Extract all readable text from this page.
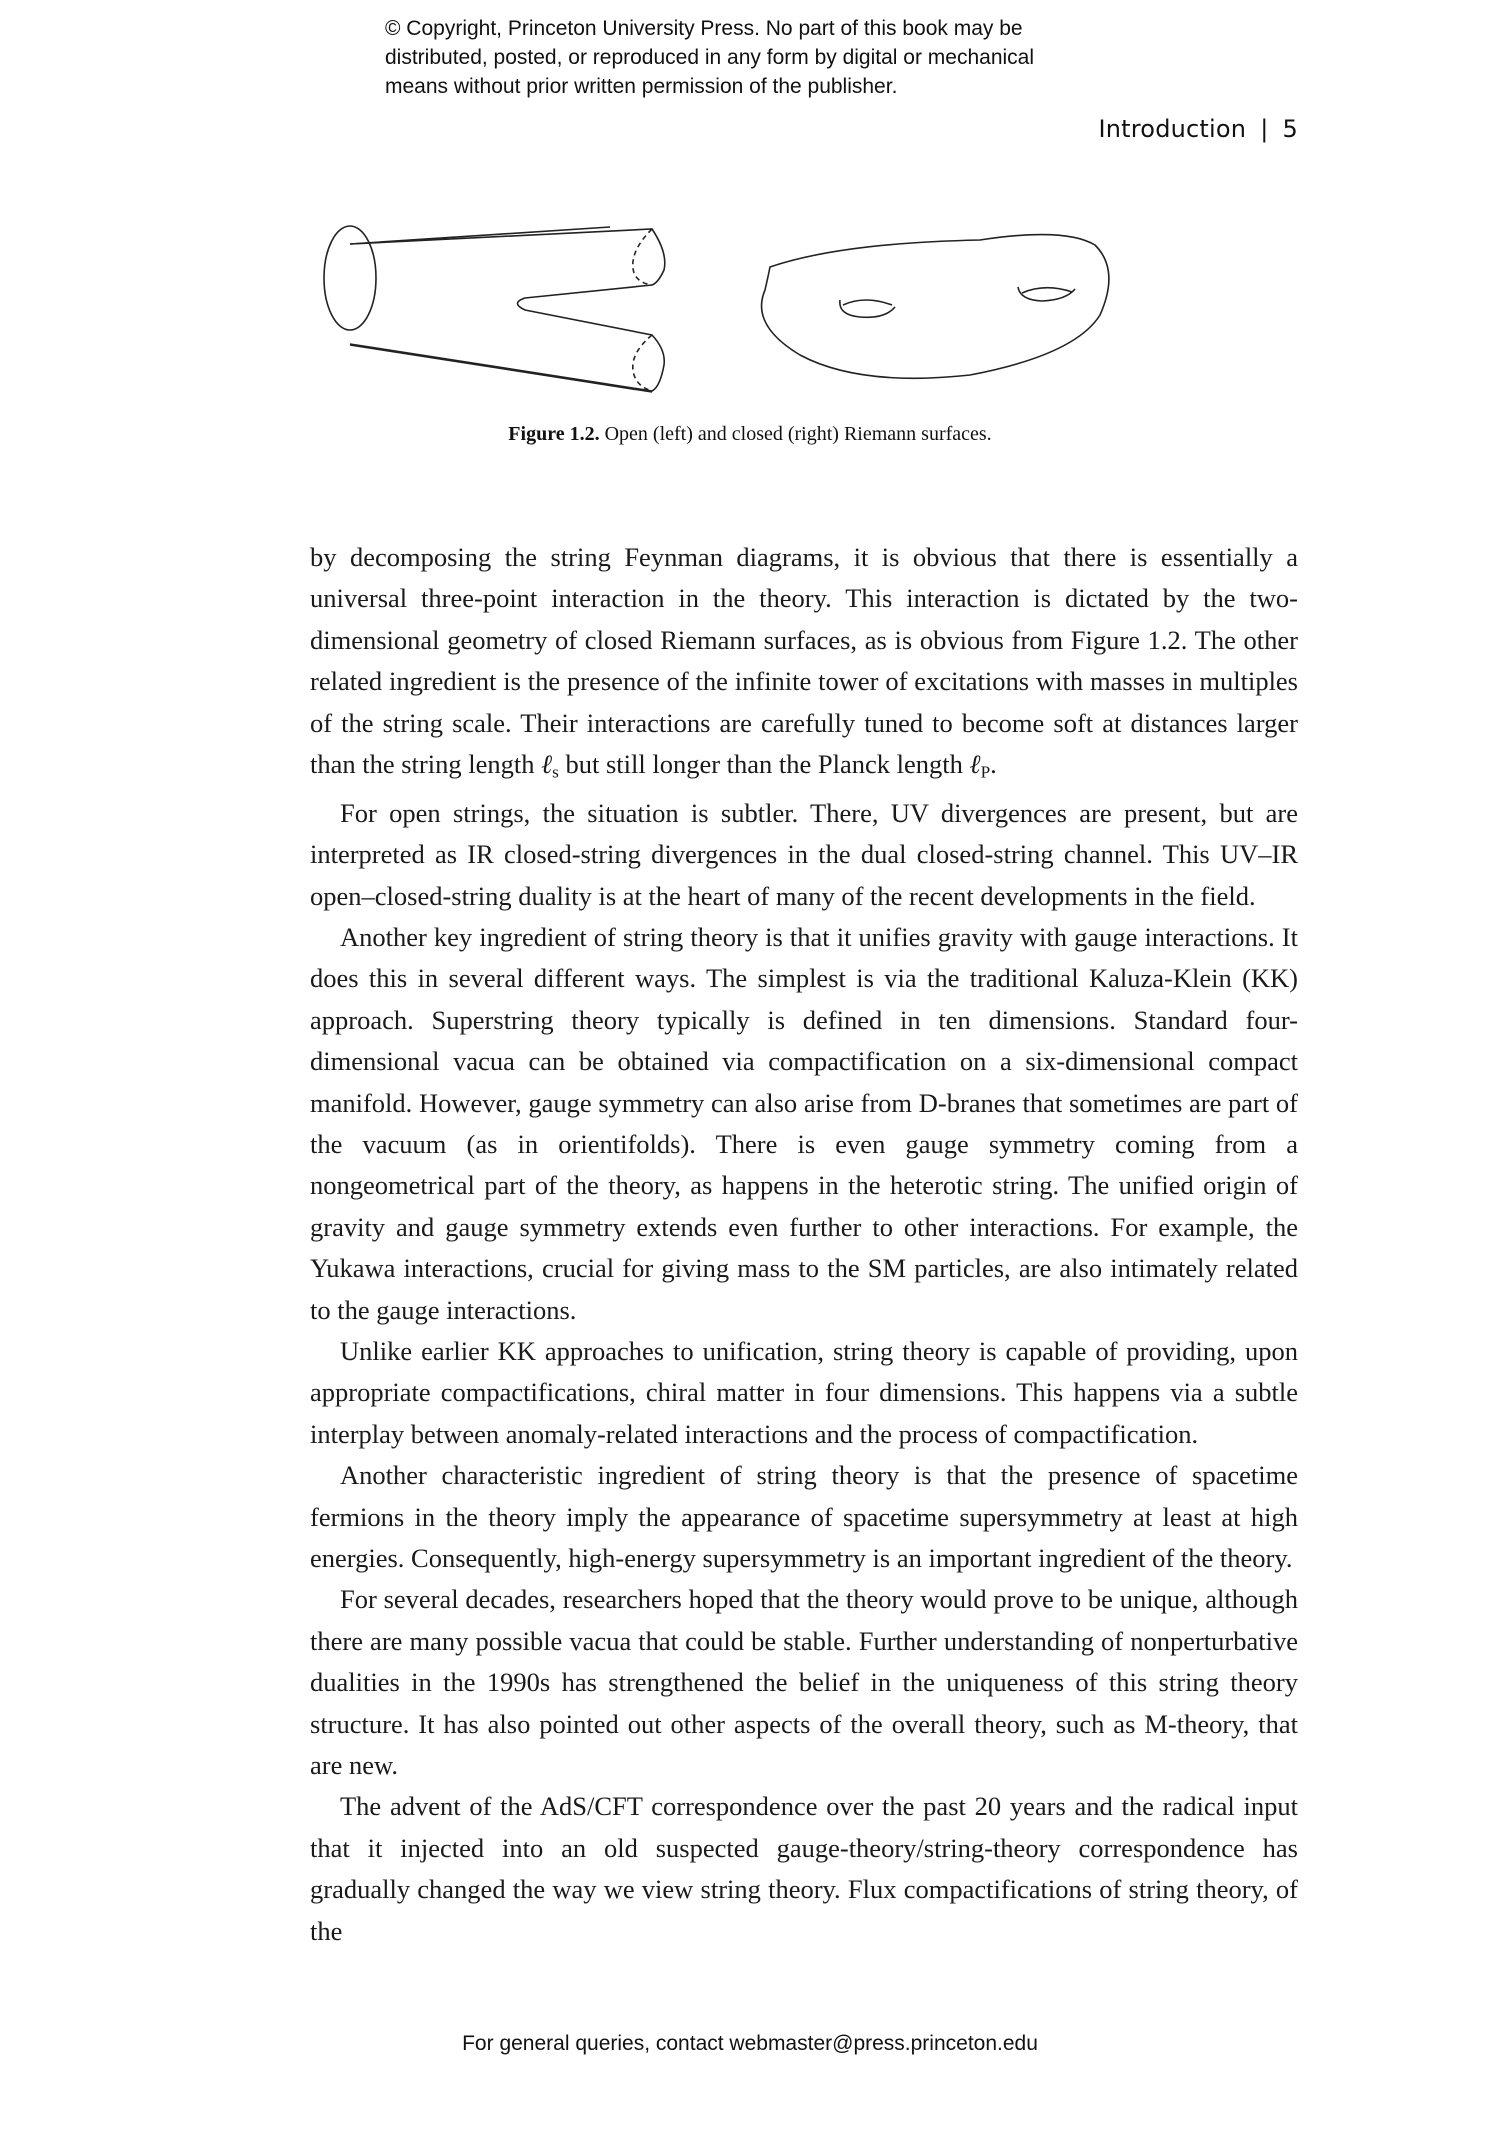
© Copyright, Princeton University Press. No part of this book may be
distributed, posted, or reproduced in any form by digital or mechanical
means without prior written permission of the publisher.
Introduction | 5
Figure 1.2. Open (left) and closed (right) Riemann surfaces.

by decomposing the string Feynman diagrams, it is obvious that there is essentially a universal three-point interaction in the theory. This interaction is dictated by the two-dimensional geometry of closed Riemann surfaces, as is obvious from Figure 1.2. The other related ingredient is the presence of the infinite tower of excitations with masses in multiples of the string scale. Their interactions are carefully tuned to become soft at distances larger than the string length ℓ$_s$ but still longer than the Planck length ℓ$_P$.

For open strings, the situation is subtler. There, UV divergences are present, but are interpreted as IR closed-string divergences in the dual closed-string channel. This UV–IR open–closed-string duality is at the heart of many of the recent developments in the field.

Another key ingredient of string theory is that it unifies gravity with gauge interactions. It does this in several different ways. The simplest is via the traditional Kaluza-Klein (KK) approach. Superstring theory typically is defined in ten dimensions. Standard four-dimensional vacua can be obtained via compactification on a six-dimensional compact manifold. However, gauge symmetry can also arise from D-branes that sometimes are part of the vacuum (as in orientifolds). There is even gauge symmetry coming from a nongeometrical part of the theory, as happens in the heterotic string. The unified origin of gravity and gauge symmetry extends even further to other interactions. For example, the Yukawa interactions, crucial for giving mass to the SM particles, are also intimately related to the gauge interactions.

Unlike earlier KK approaches to unification, string theory is capable of providing, upon appropriate compactifications, chiral matter in four dimensions. This happens via a subtle interplay between anomaly-related interactions and the process of compactification.

Another characteristic ingredient of string theory is that the presence of spacetime fermions in the theory imply the appearance of spacetime supersymmetry at least at high energies. Consequently, high-energy supersymmetry is an important ingredient of the theory.

For several decades, researchers hoped that the theory would prove to be unique, although there are many possible vacua that could be stable. Further understanding of nonperturbative dualities in the 1990s has strengthened the belief in the uniqueness of this string theory structure. It has also pointed out other aspects of the overall theory, such as M-theory, that are new.

The advent of the AdS/CFT correspondence over the past 20 years and the radical input that it injected into an old suspected gauge-theory/string-theory correspondence has gradually changed the way we view string theory. Flux compactifications of string theory, of the

For general queries, contact webmaster@press.princeton.edu
